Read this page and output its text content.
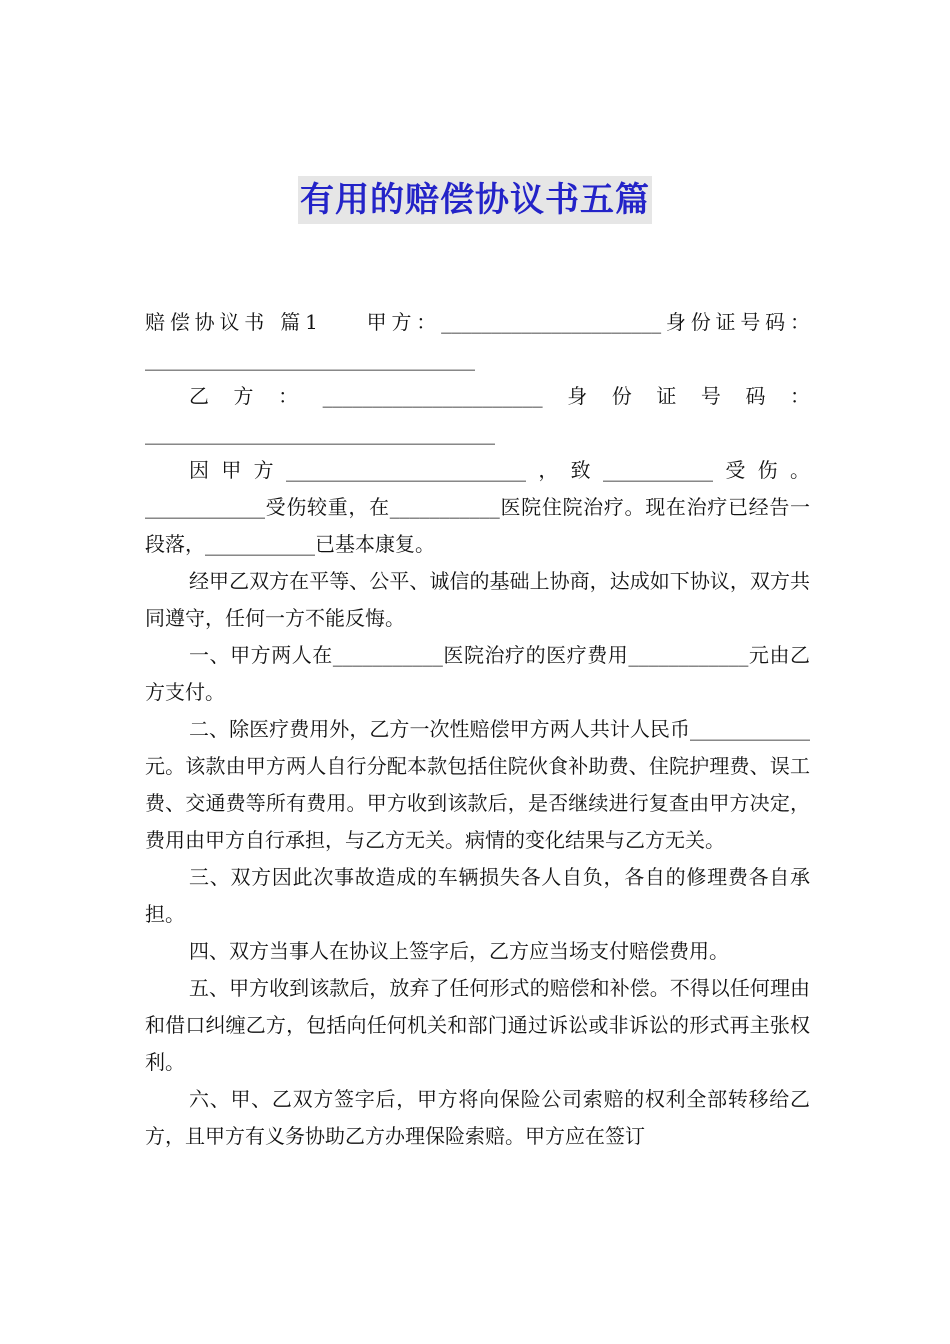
有用的赔偿协议书五篇

赔偿协议书 篇1 甲方：______________________身份证号码：_________________________________

乙方：______________________身份证号码：___________________________________

因甲方________________________，致___________受伤。____________受伤较重，在___________医院住院治疗。现在治疗已经告一段落，___________已基本康复。

经甲乙双方在平等、公平、诚信的基础上协商，达成如下协议，双方共同遵守，任何一方不能反悔。

一、甲方两人在___________医院治疗的医疗费用____________元由乙方支付。

二、除医疗费用外，乙方一次性赔偿甲方两人共计人民币____________元。该款由甲方两人自行分配本款包括住院伙食补助费、住院护理费、误工费、交通费等所有费用。甲方收到该款后，是否继续进行复查由甲方决定，费用由甲方自行承担，与乙方无关。病情的变化结果与乙方无关。

三、双方因此次事故造成的车辆损失各人自负，各自的修理费各自承担。

四、双方当事人在协议上签字后，乙方应当场支付赔偿费用。

五、甲方收到该款后，放弃了任何形式的赔偿和补偿。不得以任何理由和借口纠缠乙方，包括向任何机关和部门通过诉讼或非诉讼的形式再主张权利。

六、甲、乙双方签字后，甲方将向保险公司索赔的权利全部转移给乙方，且甲方有义务协助乙方办理保险索赔。甲方应在签订
